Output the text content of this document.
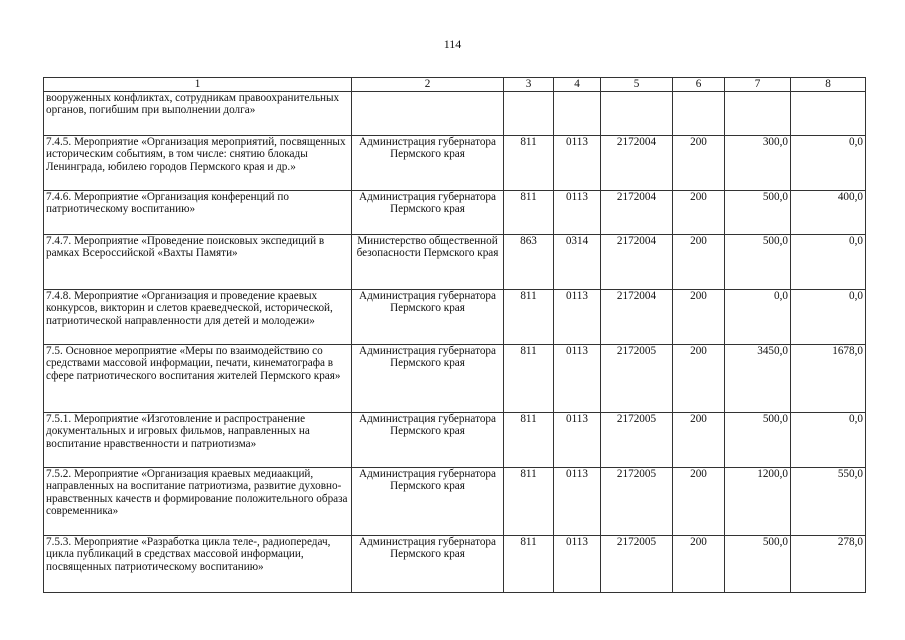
114
1	2	3	4	5	6	7	8
вооруженных конфликтах, сотрудникам правоохранительных органов, погибшим при выполнении долга»							
7.4.5. Мероприятие «Организация мероприятий, посвященных историческим событиям, в том числе: снятию блокады Ленинграда, юбилею городов Пермского края и др.»	Администрация губернатора Пермского края	811	0113	2172004	200	300,0	0,0
7.4.6. Мероприятие «Организация конференций по патриотическому воспитанию»	Администрация губернатора Пермского края	811	0113	2172004	200	500,0	400,0
7.4.7. Мероприятие «Проведение поисковых экспедиций в рамках Всероссийской «Вахты Памяти»	Министерство общественной безопасности Пермского края	863	0314	2172004	200	500,0	0,0
7.4.8. Мероприятие «Организация и проведение краевых конкурсов, викторин и слетов краеведческой, исторической, патриотической направленности для детей и молодежи»	Администрация губернатора Пермского края	811	0113	2172004	200	0,0	0,0
7.5. Основное мероприятие «Меры по взаимодействию со средствами массовой информации, печати, кинематографа в сфере патриотического воспитания жителей Пермского края»	Администрация губернатора Пермского края	811	0113	2172005	200	3450,0	1678,0
7.5.1. Мероприятие «Изготовление и распространение документальных и игровых фильмов, направленных на воспитание нравственности и патриотизма»	Администрация губернатора Пермского края	811	0113	2172005	200	500,0	0,0
7.5.2. Мероприятие «Организация краевых медиаакций, направленных на воспитание патриотизма, развитие духовно-нравственных качеств и формирование положительного образа современника»	Администрация губернатора Пермского края	811	0113	2172005	200	1200,0	550,0
7.5.3. Мероприятие «Разработка цикла теле-, радиопередач, цикла публикаций в средствах массовой информации, посвященных патриотическому воспитанию»	Администрация губернатора Пермского края	811	0113	2172005	200	500,0	278,0
